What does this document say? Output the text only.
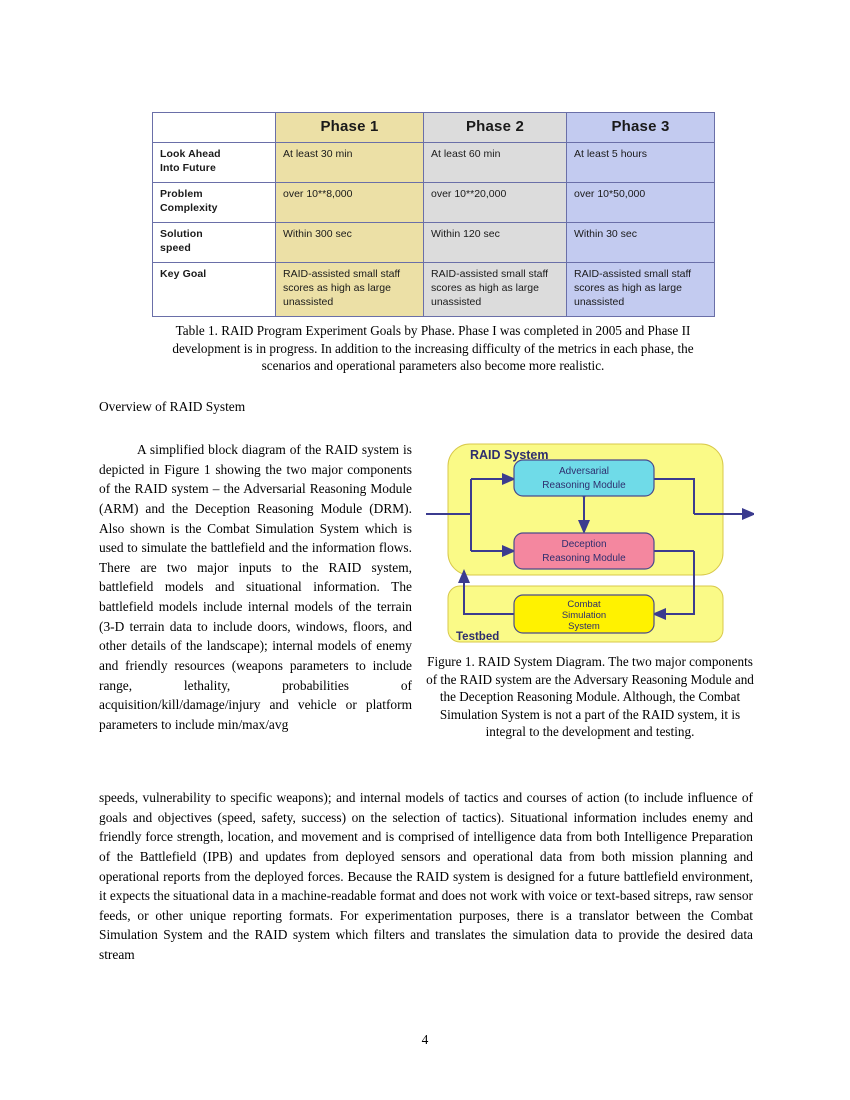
	Phase 1	Phase 2	Phase 3
Look Ahead
Into Future	At least 30 min	At least 60 min	At least 5 hours
Problem
Complexity	over 10**8,000	over 10**20,000	over 10*50,000
Solution
speed	Within 300 sec	Within 120 sec	Within 30 sec
Key Goal	RAID-assisted small staff scores as high as large unassisted	RAID-assisted small staff scores as high as large unassisted	RAID-assisted small staff scores as high as large unassisted
Table 1. RAID Program Experiment Goals by Phase. Phase I was completed in 2005 and Phase II development is in progress. In addition to the increasing difficulty of the metrics in each phase, the scenarios and operational parameters also become more realistic.
Overview of RAID System
A simplified block diagram of the RAID system is depicted in Figure 1 showing the two major components of the RAID system – the Adversarial Reasoning Module (ARM) and the Deception Reasoning Module (DRM). Also shown is the Combat Simulation System which is used to simulate the battlefield and the information flows. There are two major inputs to the RAID system, battlefield models and situational information. The battlefield models include internal models of the terrain (3-D terrain data to include doors, windows, floors, and other details of the landscape); internal models of enemy and friendly resources (weapons parameters to include range, lethality, probabilities of acquisition/kill/damage/injury and vehicle or platform parameters to include min/max/avg
Adversarial
Reasoning Module
Deception
Reasoning Module
Combat
Simulation
System
RAID System
Testbed
Figure 1. RAID System Diagram. The two major components of the RAID system are the Adversary Reasoning Module and the Deception Reasoning Module. Although, the Combat Simulation System is not a part of the RAID system, it is integral to the development and testing.
speeds, vulnerability to specific weapons); and internal models of tactics and courses of action (to include influence of goals and objectives (speed, safety, success) on the selection of tactics). Situational information includes enemy and friendly force strength, location, and movement and is comprised of intelligence data from both Intelligence Preparation of the Battlefield (IPB) and updates from deployed sensors and operational data from both mission planning and operational reports from the deployed forces. Because the RAID system is designed for a future battlefield environment, it expects the situational data in a machine-readable format and does not work with voice or text-based sitreps, raw sensor feeds, or other unique reporting formats. For experimentation purposes, there is a translator between the Combat Simulation System and the RAID system which filters and translates the simulation data to provide the desired data stream
4
